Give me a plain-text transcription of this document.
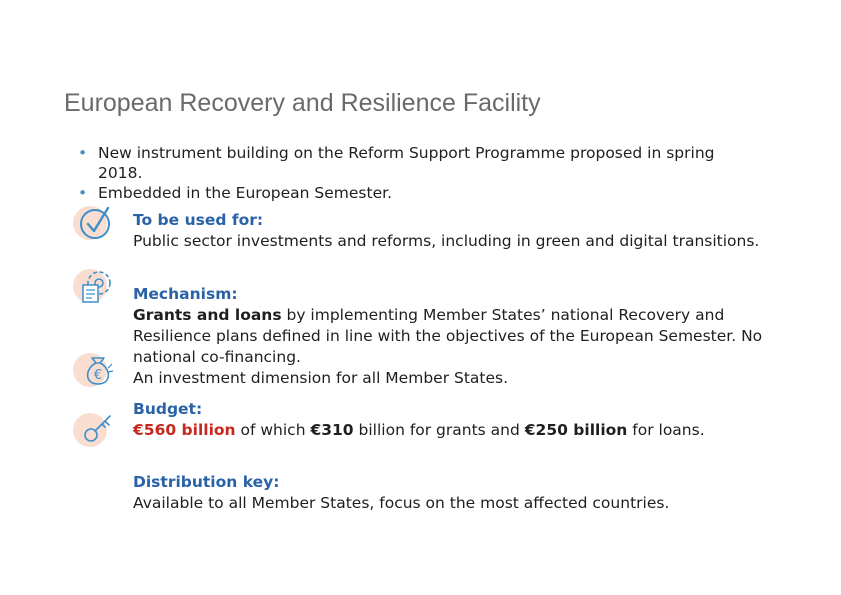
European Recovery and Resilience Facility
• New instrument building on the Reform Support Programme proposed in spring 2018.
• Embedded in the European Semester.
€
To be used for:

Public sector investments and reforms, including in green and digital transitions.

Mechanism:

Grants and loans by implementing Member States’ national Recovery and Resilience plans defined in line with the objectives of the European Semester. No national co-financing.

An investment dimension for all Member States.

Budget:

€560 billion of which €310 billion for grants and €250 billion for loans.

Distribution key:

Available to all Member States, focus on the most affected countries.
